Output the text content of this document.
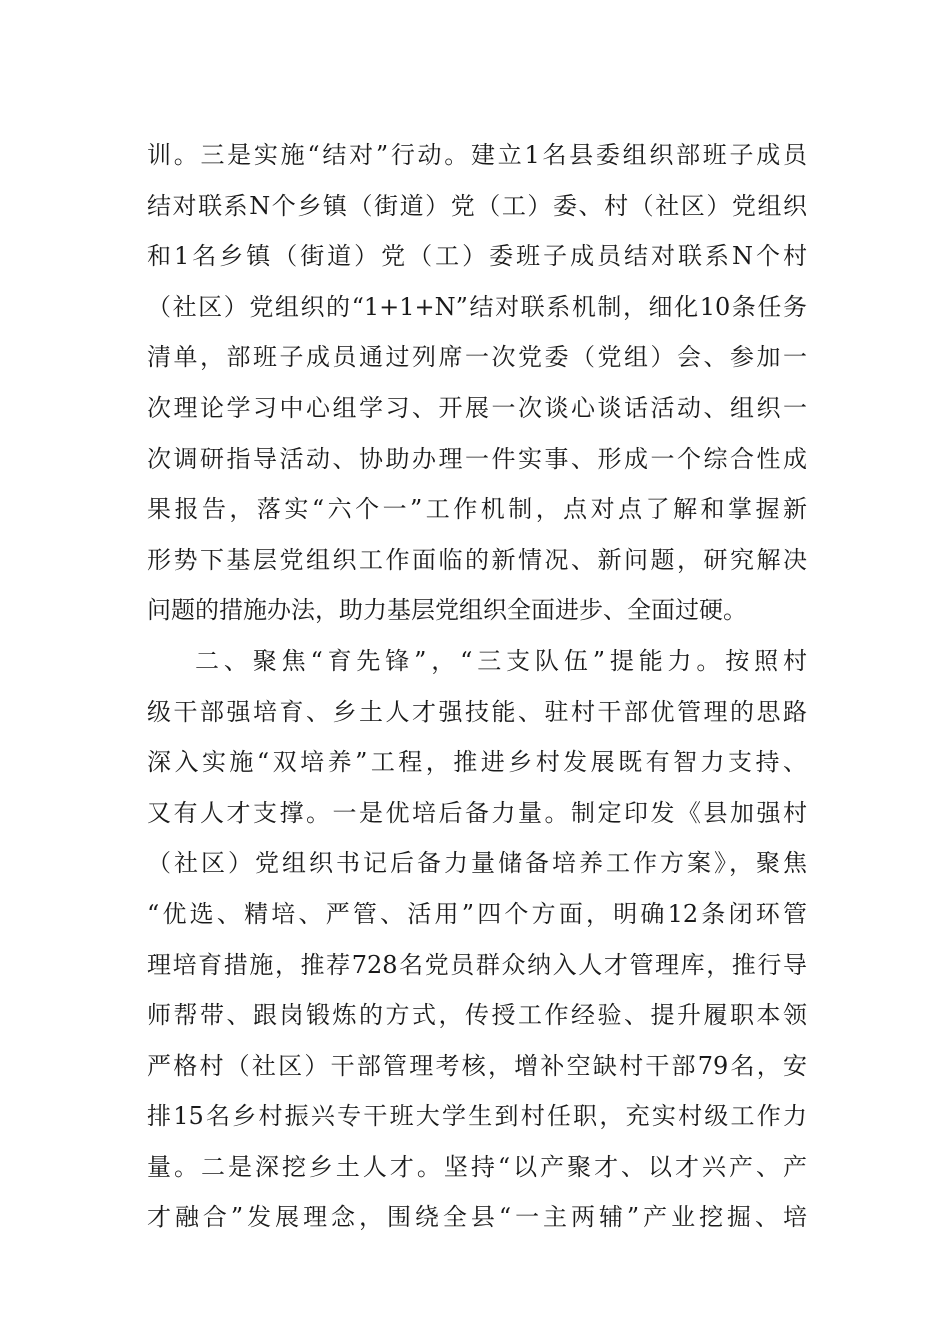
训。三是实施“结对”行动。建立1名县委组织部班子成员
结对联系N个乡镇（街道）党（工）委、村（社区）党组织
和1名乡镇（街道）党（工）委班子成员结对联系N个村
（社区）党组织的“1+1+N”结对联系机制，细化10条任务
清单，部班子成员通过列席一次党委（党组）会、参加一
次理论学习中心组学习、开展一次谈心谈话活动、组织一
次调研指导活动、协助办理一件实事、形成一个综合性成
果报告，落实“六个一”工作机制，点对点了解和掌握新
形势下基层党组织工作面临的新情况、新问题，研究解决
问题的措施办法，助力基层党组织全面进步、全面过硬。
二、聚焦“育先锋”，“三支队伍”提能力。按照村
级干部强培育、乡土人才强技能、驻村干部优管理的思路
深入实施“双培养”工程，推进乡村发展既有智力支持、
又有人才支撑。一是优培后备力量。制定印发《县加强村
（社区）党组织书记后备力量储备培养工作方案》，聚焦
“优选、精培、严管、活用”四个方面，明确12条闭环管
理培育措施，推荐728名党员群众纳入人才管理库，推行导
师帮带、跟岗锻炼的方式，传授工作经验、提升履职本领
严格村（社区）干部管理考核，增补空缺村干部79名，安
排15名乡村振兴专干班大学生到村任职，充实村级工作力
量。二是深挖乡土人才。坚持“以产聚才、以才兴产、产
才融合”发展理念，围绕全县“一主两辅”产业挖掘、培
